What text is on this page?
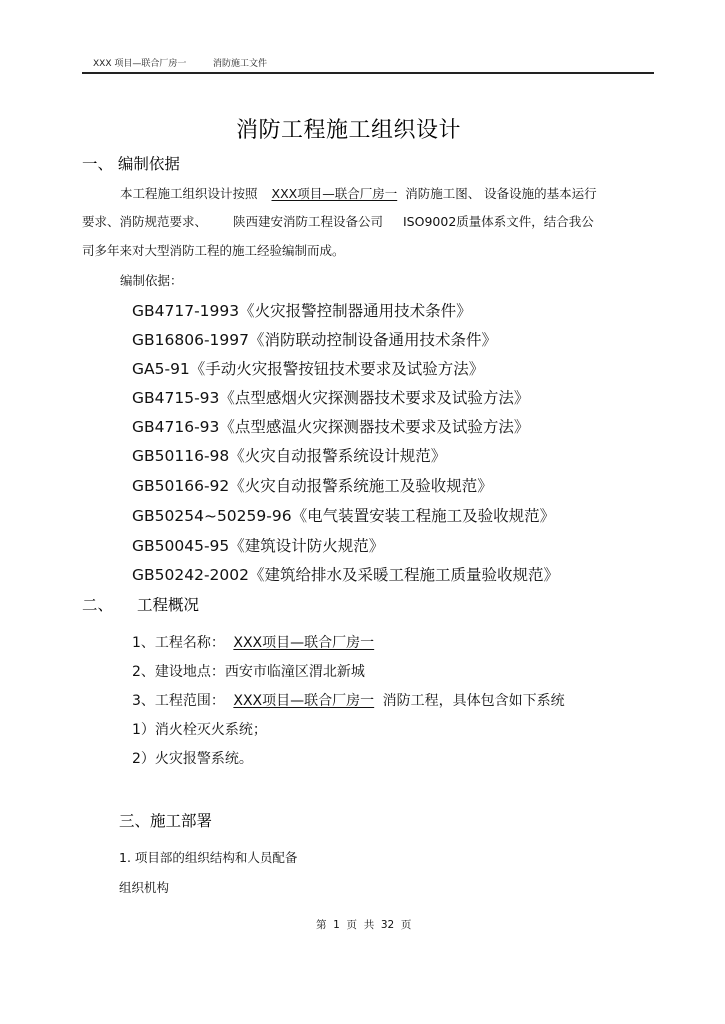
XXX 项目—联合厂房一	消防施工文件
消防工程施工组织设计
一、 编制依据
本工程施工组织设计按照 XXX项目—联合厂房一 消防施工图、 设备设施的基本运行
要求、消防规范要求、 陕西建安消防工程设备公司 ISO9002质量体系文件，结合我公
司多年来对大型消防工程的施工经验编制而成。
编制依据：
GB4717-1993《火灾报警控制器通用技术条件》
GB16806-1997《消防联动控制设备通用技术条件》
GA5-91《手动火灾报警按钮技术要求及试验方法》
GB4715-93《点型感烟火灾探测器技术要求及试验方法》
GB4716-93《点型感温火灾探测器技术要求及试验方法》
GB50116-98《火灾自动报警系统设计规范》
GB50166-92《火灾自动报警系统施工及验收规范》
GB50254~50259-96《电气装置安装工程施工及验收规范》
GB50045-95《建筑设计防火规范》
GB50242-2002《建筑给排水及采暖工程施工质量验收规范》
二、 工程概况
1、工程名称： XXX项目—联合厂房一
2、建设地点：西安市临潼区渭北新城
3、工程范围： XXX项目—联合厂房一 消防工程，具体包含如下系统
1）消火栓灭火系统；
2）火灾报警系统。
三、施工部署
1. 项目部的组织结构和人员配备
组织机构
第  1  页  共  32  页
